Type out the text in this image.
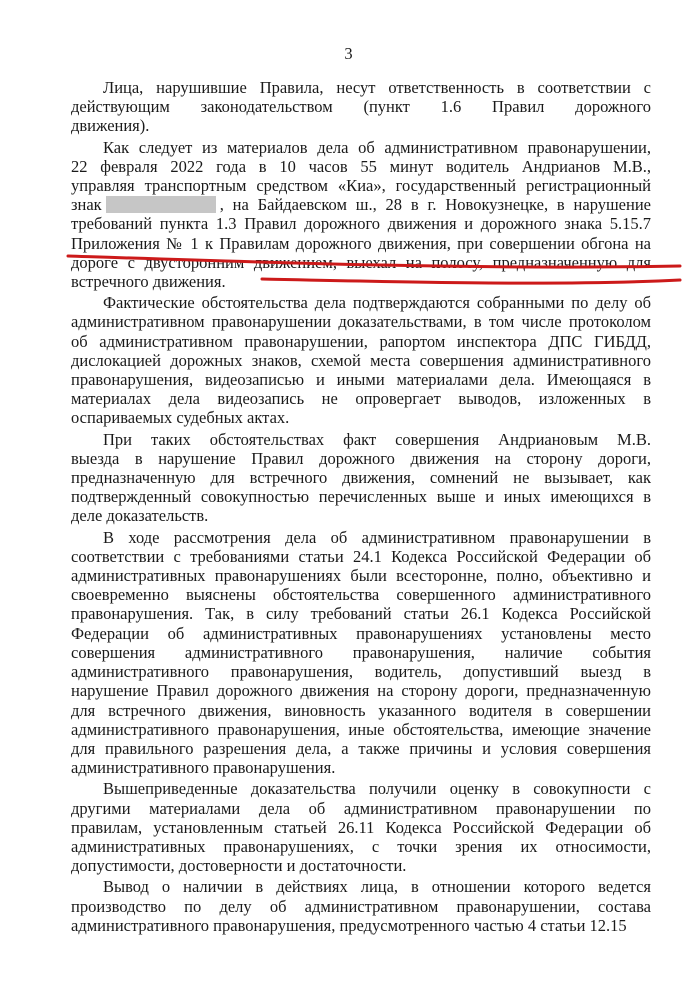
3
Лица, нарушившие Правила, несут ответственность в соответствии с
действующим законодательством (пункт 1.6 Правил дорожного
движения).
Как следует из материалов дела об административном правонарушении,
22 февраля 2022 года в 10 часов 55 минут водитель Андрианов М.В.,
управляя транспортным средством «Киа», государственный регистрационный
знак	, на Байдаевском ш., 28 в г. Новокузнецке, в нарушение
требований пункта 1.3 Правил дорожного движения и дорожного знака 5.15.7
Приложения № 1 к Правилам дорожного движения, при совершении обгона на
дороге с двусторонним движением, выехал на полосу, предназначенную для
встречного движения.
Фактические обстоятельства дела подтверждаются собранными по делу об
административном правонарушении доказательствами, в том числе протоколом
об административном правонарушении, рапортом инспектора ДПС ГИБДД,
дислокацией дорожных знаков, схемой места совершения административного
правонарушения, видеозаписью и иными материалами дела. Имеющаяся в
материалах дела видеозапись не опровергает выводов, изложенных в
оспариваемых судебных актах.
При таких обстоятельствах факт совершения Андриановым М.В.
выезда в нарушение Правил дорожного движения на сторону дороги,
предназначенную для встречного движения, сомнений не вызывает, как
подтвержденный совокупностью перечисленных выше и иных имеющихся в
деле доказательств.
В ходе рассмотрения дела об административном правонарушении в
соответствии с требованиями статьи 24.1 Кодекса Российской Федерации об
административных правонарушениях были всесторонне, полно, объективно и
своевременно выяснены обстоятельства совершенного административного
правонарушения. Так, в силу требований статьи 26.1 Кодекса Российской
Федерации об административных правонарушениях установлены место
совершения административного правонарушения, наличие события
административного правонарушения, водитель, допустивший выезд в
нарушение Правил дорожного движения на сторону дороги, предназначенную
для встречного движения, виновность указанного водителя в совершении
административного правонарушения, иные обстоятельства, имеющие значение
для правильного разрешения дела, а также причины и условия совершения
административного правонарушения.
Вышеприведенные доказательства получили оценку в совокупности с
другими материалами дела об административном правонарушении по
правилам, установленным статьей 26.11 Кодекса Российской Федерации об
административных правонарушениях, с точки зрения их относимости,
допустимости, достоверности и достаточности.
Вывод о наличии в действиях лица, в отношении которого ведется
производство по делу об административном правонарушении, состава
административного правонарушения, предусмотренного частью 4 статьи 12.15
